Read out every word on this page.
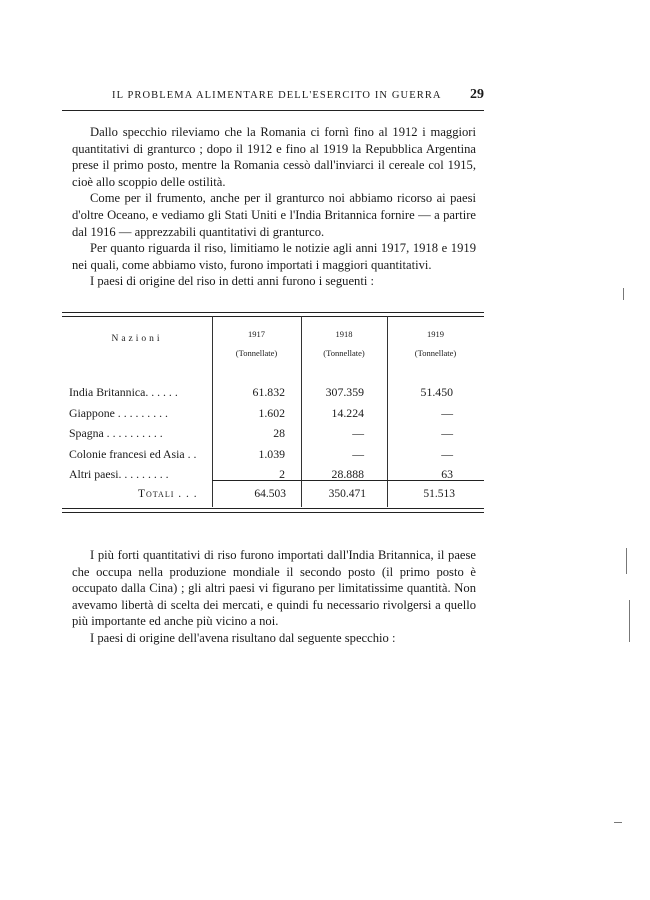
IL PROBLEMA ALIMENTARE DELL'ESERCITO IN GUERRA 29

Dallo specchio rileviamo che la Romania ci fornì fino al 1912 i maggiori quantitativi di granturco ; dopo il 1912 e fino al 1919 la Repubblica Argentina prese il primo posto, mentre la Romania cessò dall'inviarci il cereale col 1915, cioè allo scoppio delle ostilità.

Come per il frumento, anche per il granturco noi abbiamo ricorso ai paesi d'oltre Oceano, e vediamo gli Stati Uniti e l'India Britannica fornire — a partire dal 1916 — apprezzabili quantitativi di granturco.

Per quanto riguarda il riso, limitiamo le notizie agli anni 1917, 1918 e 1919 nei quali, come abbiamo visto, furono importati i maggiori quantitativi.

I paesi di origine del riso in detti anni furono i seguenti :

Nazioni	1917	1918	1919
(Tonnellate)	(Tonnellate)	(Tonnellate)
India Britannica. . . . . .	61.832	307.359	51.450
Giappone . . . . . . . . .	1.602	14.224	—
Spagna . . . . . . . . . .	28	—	—
Colonie francesi ed Asia . .	1.039	—	—
Altri paesi. . . . . . . . .	2	28.888	63
Totali . . .	64.503	350.471	51.513

I più forti quantitativi di riso furono importati dall'India Britannica, il paese che occupa nella produzione mondiale il secondo posto (il primo posto è occupato dalla Cina) ; gli altri paesi vi figurano per limitatissime quantità. Non avevamo libertà di scelta dei mercati, e quindi fu necessario rivolgersi a quello più importante ed anche più vicino a noi.

I paesi di origine dell'avena risultano dal seguente specchio :
